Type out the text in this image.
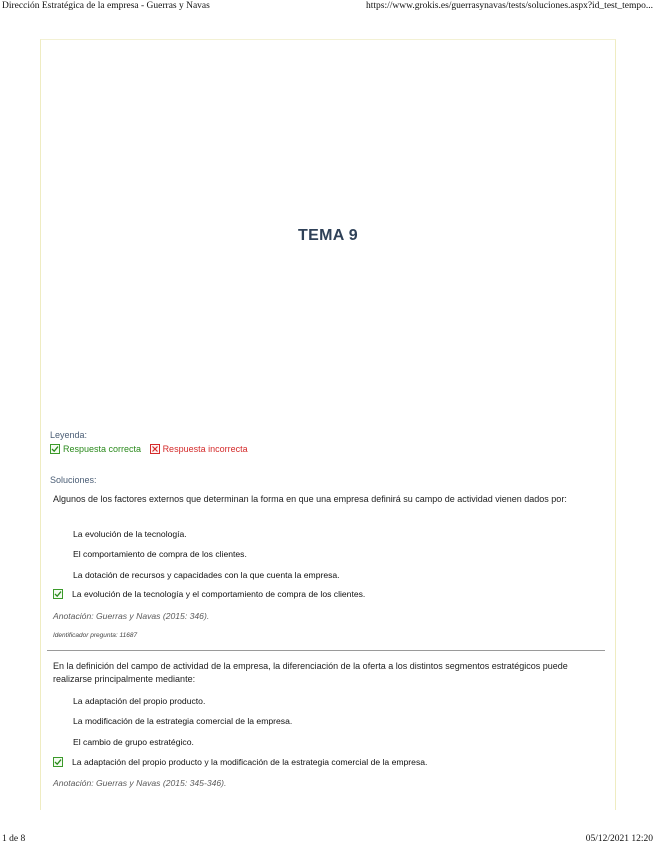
Dirección Estratégica de la empresa - Guerras y Navas	https://www.grokis.es/guerrasynavas/tests/soluciones.aspx?id_test_tempo...
TEMA 9
Leyenda:
Respuesta correcta
Respuesta incorrecta
Soluciones:
Algunos de los factores externos que determinan la forma en que una empresa definirá su campo de actividad vienen dados por:
La evolución de la tecnología.
El comportamiento de compra de los clientes.
La dotación de recursos y capacidades con la que cuenta la empresa.
La evolución de la tecnología y el comportamiento de compra de los clientes.
Anotación: Guerras y Navas (2015: 346).
Identificador pregunta: 11687
En la definición del campo de actividad de la empresa, la diferenciación de la oferta a los distintos segmentos estratégicos puede realizarse principalmente mediante:
La adaptación del propio producto.
La modificación de la estrategia comercial de la empresa.
El cambio de grupo estratégico.
La adaptación del propio producto y la modificación de la estrategia comercial de la empresa.
Anotación: Guerras y Navas (2015: 345-346).
1 de 8	05/12/2021 12:20
